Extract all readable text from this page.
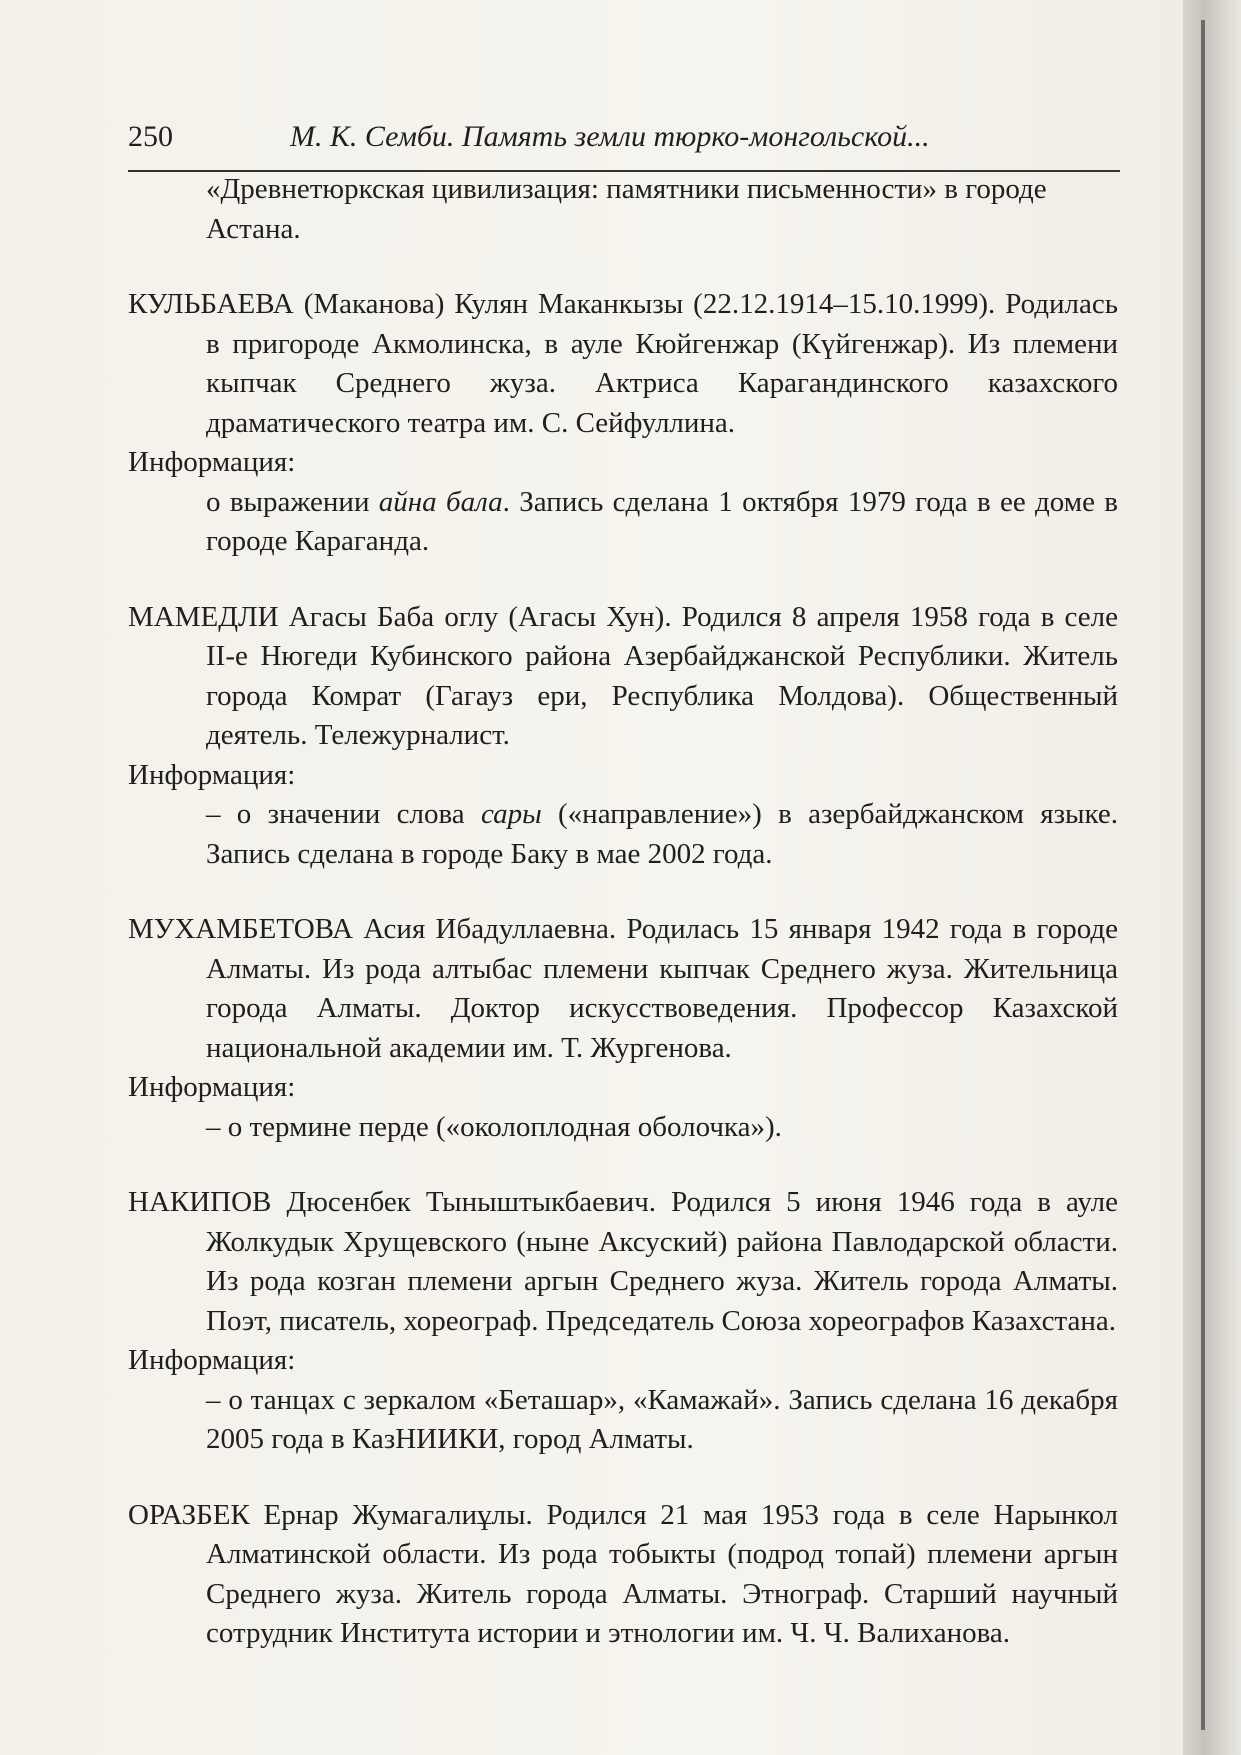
250	М. К. Семби. Память земли тюрко-монгольской...
«Древнетюркская цивилизация: памятники письменности» в городе Астана.
КУЛЬБАЕВА (Маканова) Кулян Маканкызы (22.12.1914–15.10.1999). Родилась в пригороде Акмолинска, в ауле Кюйгенжар (Күйгенжар). Из племени кыпчак Среднего жуза. Актриса Карагандинского казахского драматического театра им. С. Сейфуллина.
Информация:
о выражении айна бала. Запись сделана 1 октября 1979 года в ее доме в городе Караганда.
МАМЕДЛИ Агасы Баба оглу (Агасы Хун). Родился 8 апреля 1958 года в селе II-е Нюгеди Кубинского района Азербайджанской Республики. Житель города Комрат (Гагауз ери, Республика Молдова). Общественный деятель. Тележурналист.
Информация:
– о значении слова сары («направление») в азербайджанском языке. Запись сделана в городе Баку в мае 2002 года.
МУХАМБЕТОВА Асия Ибадуллаевна. Родилась 15 января 1942 года в городе Алматы. Из рода алтыбас племени кыпчак Среднего жуза. Жительница города Алматы. Доктор искусствоведения. Профессор Казахской национальной академии им. Т. Жургенова.
Информация:
– о термине перде («околоплодная оболочка»).
НАКИПОВ Дюсенбек Тыныштыкбаевич. Родился 5 июня 1946 года в ауле Жолкудык Хрущевского (ныне Аксуский) района Павлодарской области. Из рода козган племени аргын Среднего жуза. Житель города Алматы. Поэт, писатель, хореограф. Председатель Союза хореографов Казахстана.
Информация:
– о танцах с зеркалом «Беташар», «Камажай». Запись сделана 16 декабря 2005 года в КазНИИКИ, город Алматы.
ОРАЗБЕК Ернар Жумагалиұлы. Родился 21 мая 1953 года в селе Нарынкол Алматинской области. Из рода тобыкты (подрод топай) племени аргын Среднего жуза. Житель города Алматы. Этнограф. Старший научный сотрудник Института истории и этнологии им. Ч. Ч. Валиханова.
